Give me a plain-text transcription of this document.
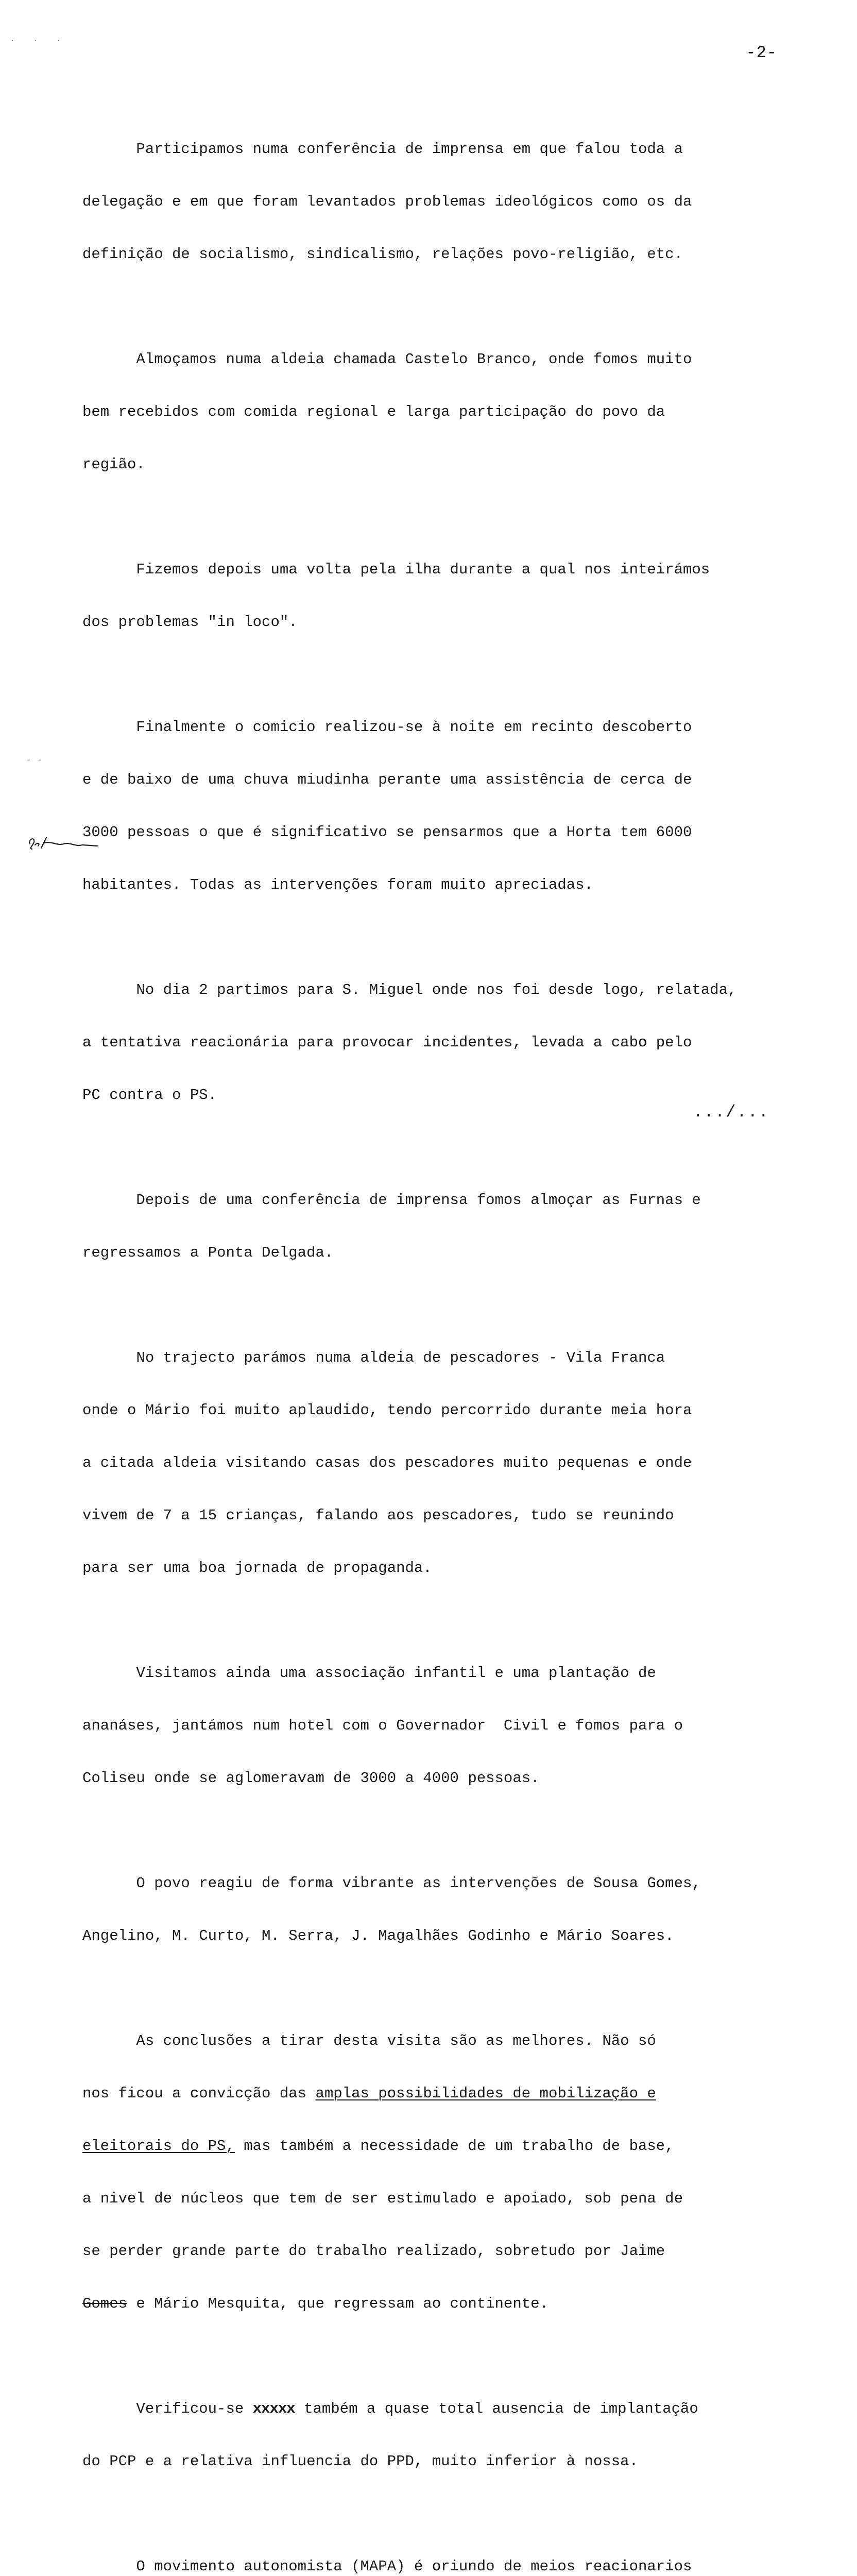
· · ·
-2-

Participamos numa conferência de imprensa em que falou toda a

delegação e em que foram levantados problemas ideológicos como os da

definição de socialismo, sindicalismo, relações povo-religião, etc.

Almoçamos numa aldeia chamada Castelo Branco, onde fomos muito

bem recebidos com comida regional e larga participação do povo da

região.

Fizemos depois uma volta pela ilha durante a qual nos inteirámos

dos problemas "in loco".

Finalmente o comicio realizou-se à noite em recinto descoberto

e de baixo de uma chuva miudinha perante uma assistência de cerca de

3000 pessoas o que é significativo se pensarmos que a Horta tem 6000

habitantes. Todas as intervenções foram muito apreciadas.

No dia 2 partimos para S. Miguel onde nos foi desde logo, relatada,

a tentativa reacionária para provocar incidentes, levada a cabo pelo

PC contra o PS.

Depois de uma conferência de imprensa fomos almoçar as Furnas e

regressamos a Ponta Delgada.

No trajecto parámos numa aldeia de pescadores - Vila Franca

onde o Mário foi muito aplaudido, tendo percorrido durante meia hora

a citada aldeia visitando casas dos pescadores muito pequenas e onde

vivem de 7 a 15 crianças, falando aos pescadores, tudo se reunindo

para ser uma boa jornada de propaganda.

Visitamos ainda uma associação infantil e uma plantação de

ananáses, jantámos num hotel com o Governador  Civil e fomos para o

Coliseu onde se aglomeravam de 3000 a 4000 pessoas.

O povo reagiu de forma vibrante as intervenções de Sousa Gomes,

Angelino, M. Curto, M. Serra, J. Magalhães Godinho e Mário Soares.

As conclusões a tirar desta visita são as melhores. Não só

nos ficou a convicção das amplas possibilidades de mobilização e

eleitorais do PS, mas também a necessidade de um trabalho de base,

a nivel de núcleos que tem de ser estimulado e apoiado, sob pena de

se perder grande parte do trabalho realizado, sobretudo por Jaime

Gomes e Mário Mesquita, que regressam ao continente.

Verificou-se xxxxx também a quase total ausencia de implantação

do PCP e a relativa influencia do PPD, muito inferior à nossa.

O movimento autonomista (MAPA) é oriundo de meios reacionarios

- -
.../...
